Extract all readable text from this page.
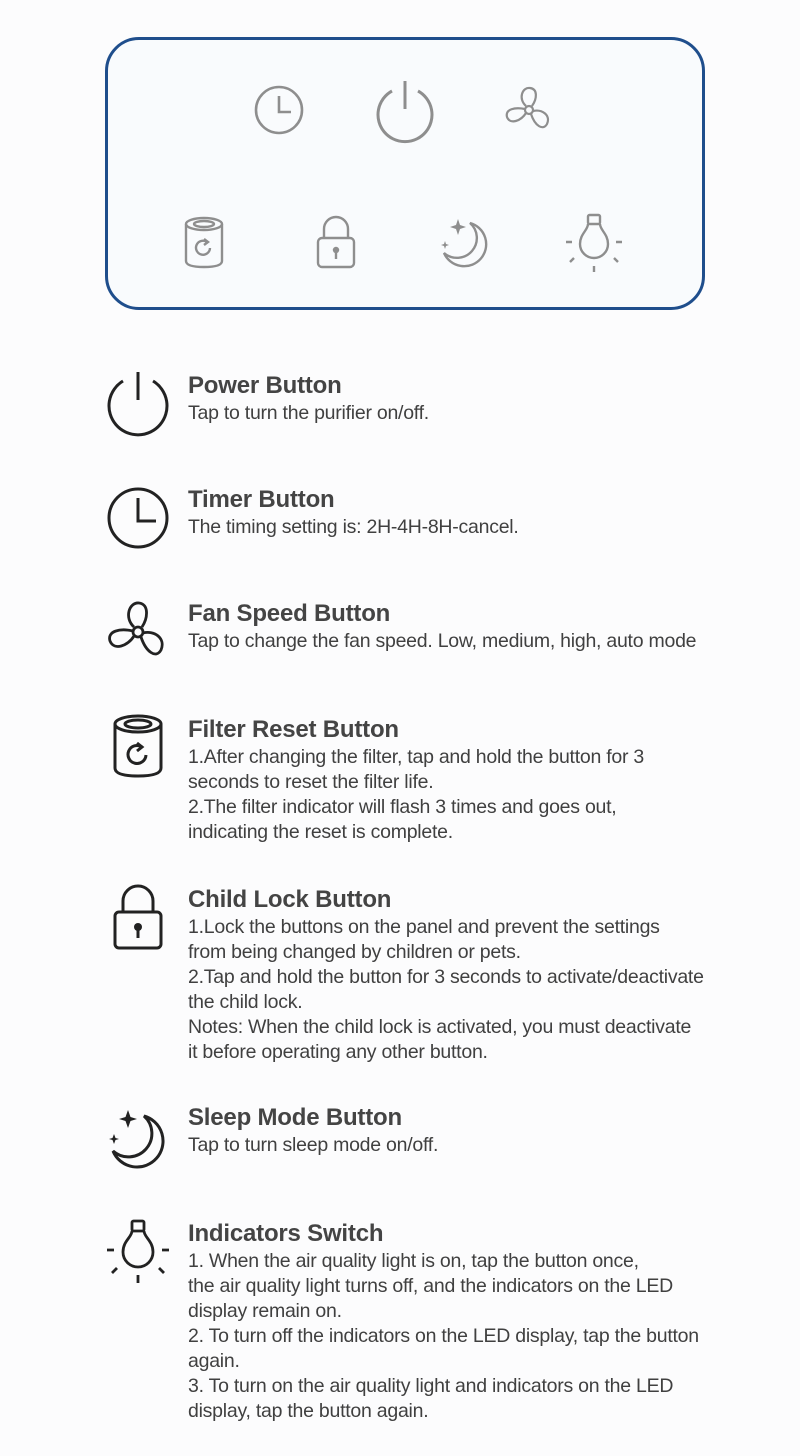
Power Button
Tap to turn the purifier on/off.
Timer Button
The timing setting is: 2H-4H-8H-cancel.
Fan Speed Button
Tap to change the fan speed. Low, medium, high, auto mode
Filter Reset Button
1.After changing the filter, tap and hold the button for 3
seconds to reset the filter life.
2.The filter indicator will flash 3 times and goes out,
indicating the reset is complete.
Child Lock Button
1.Lock the buttons on the panel and prevent the settings
from being changed by children or pets.
2.Tap and hold the button for 3 seconds to activate/deactivate
the child lock.
Notes: When the child lock is activated, you must deactivate
it before operating any other button.
Sleep Mode Button
Tap to turn sleep mode on/off.
Indicators Switch
1. When the air quality light is on, tap the button once,
the air quality light turns off, and the indicators on the LED
display remain on.
2. To turn off the indicators on the LED display, tap the button
again.
3. To turn on the air quality light and indicators on the LED
display, tap the button again.
